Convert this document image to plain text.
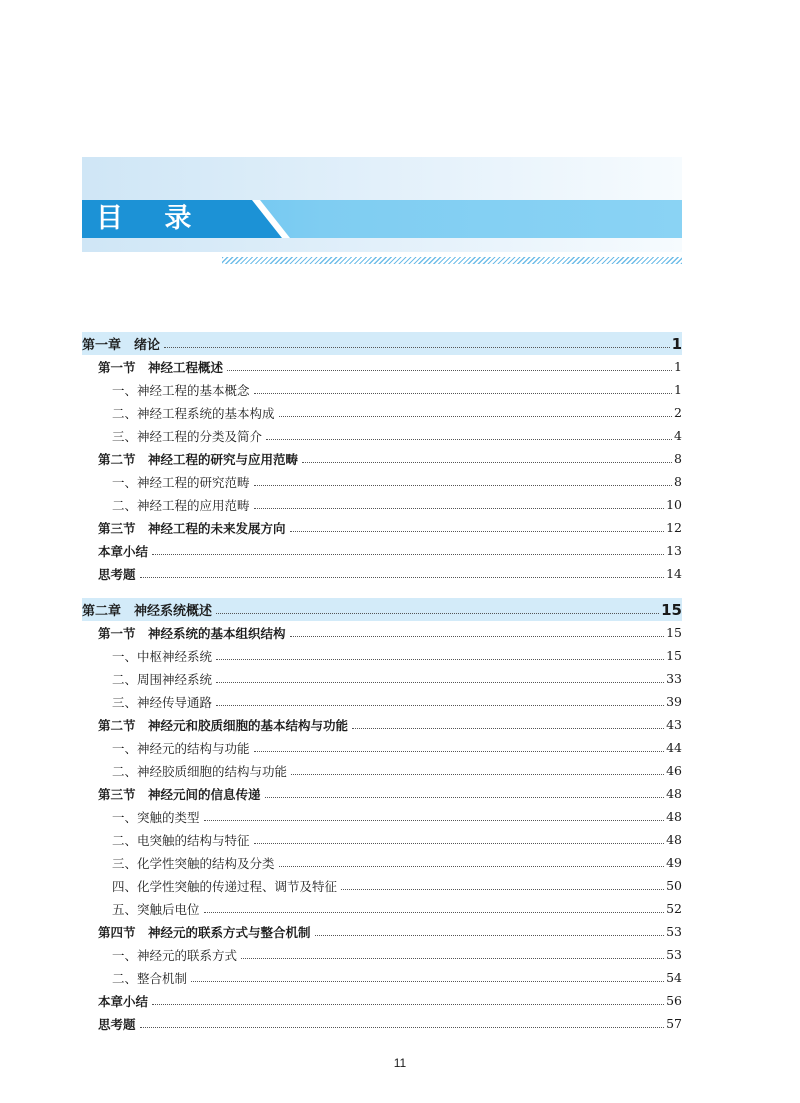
目 录
第一章　绪论	1
第一节　神经工程概述	1
一、神经工程的基本概念	1
二、神经工程系统的基本构成	2
三、神经工程的分类及简介	4
第二节　神经工程的研究与应用范畴	8
一、神经工程的研究范畴	8
二、神经工程的应用范畴	10
第三节　神经工程的未来发展方向	12
本章小结	13
思考题	14
第二章　神经系统概述	15
第一节　神经系统的基本组织结构	15
一、中枢神经系统	15
二、周围神经系统	33
三、神经传导通路	39
第二节　神经元和胶质细胞的基本结构与功能	43
一、神经元的结构与功能	44
二、神经胶质细胞的结构与功能	46
第三节　神经元间的信息传递	48
一、突触的类型	48
二、电突触的结构与特征	48
三、化学性突触的结构及分类	49
四、化学性突触的传递过程、调节及特征	50
五、突触后电位	52
第四节　神经元的联系方式与整合机制	53
一、神经元的联系方式	53
二、整合机制	54
本章小结	56
思考题	57
11
